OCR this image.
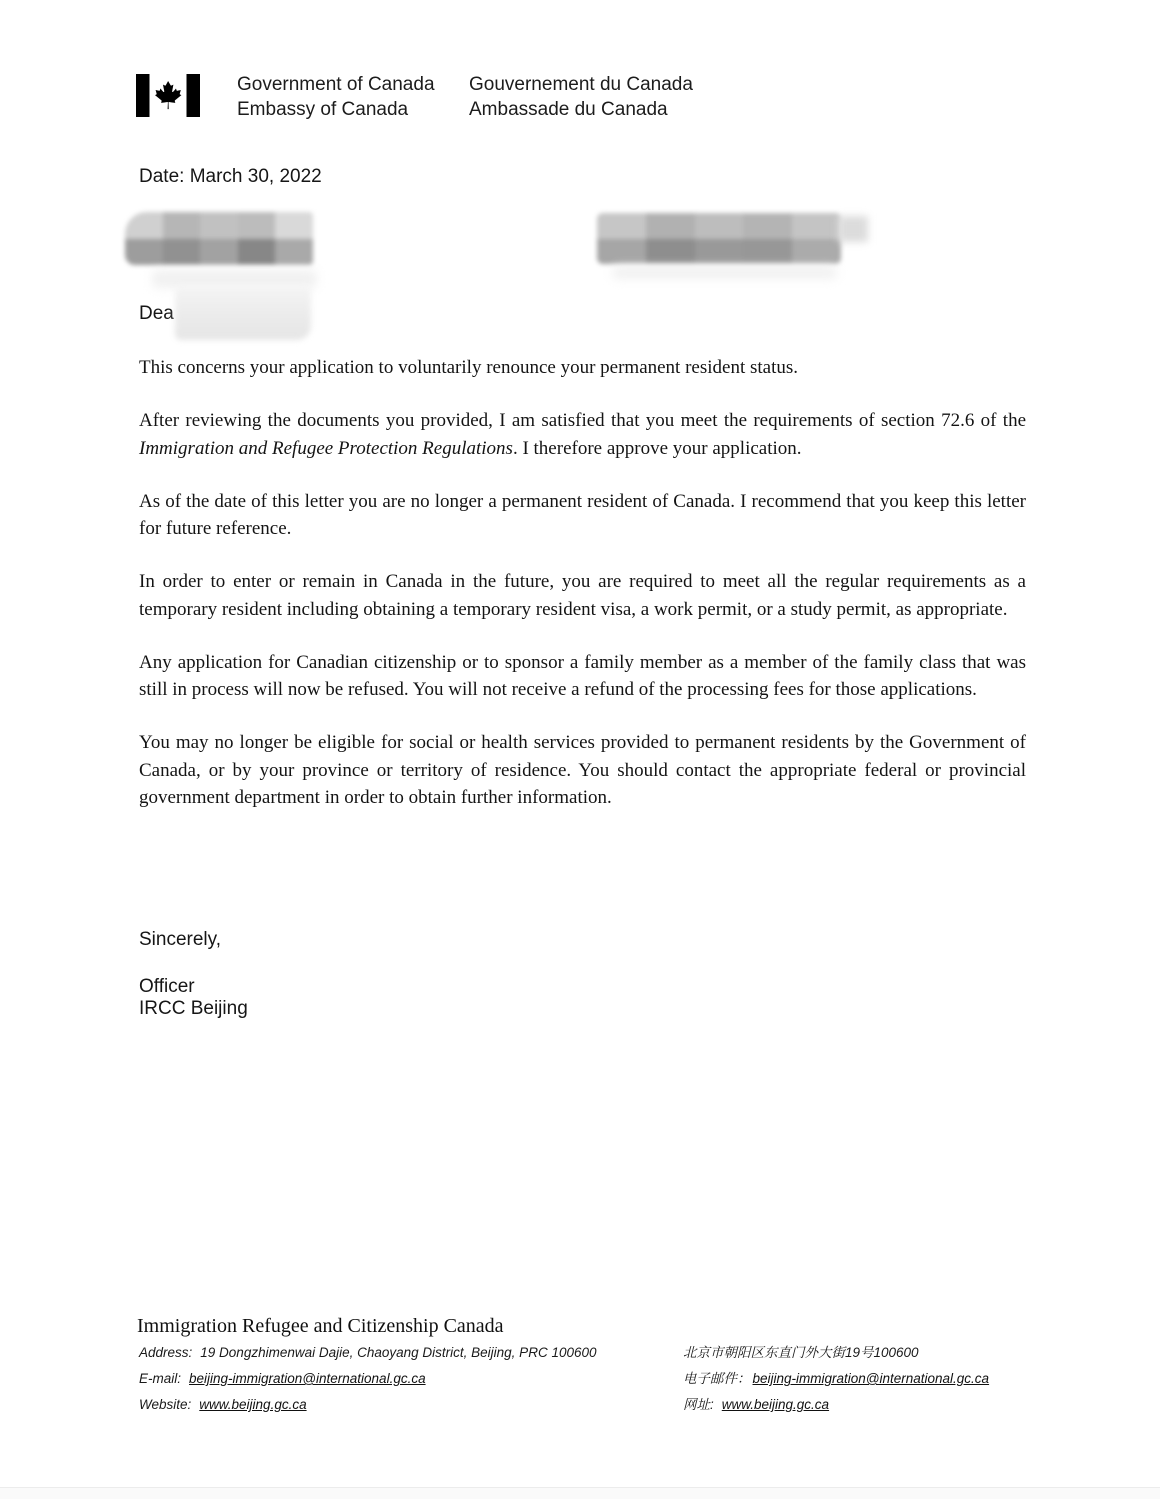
Government of Canada
Embassy of Canada
Gouvernement du Canada
Ambassade du Canada
Date: March 30, 2022
Dea

This concerns your application to voluntarily renounce your permanent resident status.

After reviewing the documents you provided, I am satisfied that you meet the requirements of section 72.6 of the Immigration and Refugee Protection Regulations. I therefore approve your application.

As of the date of this letter you are no longer a permanent resident of Canada. I recommend that you keep this letter for future reference.

In order to enter or remain in Canada in the future, you are required to meet all the regular requirements as a temporary resident including obtaining a temporary resident visa, a work permit, or a study permit, as appropriate.

Any application for Canadian citizenship or to sponsor a family member as a member of the family class that was still in process will now be refused. You will not receive a refund of the processing fees for those applications.

You may no longer be eligible for social or health services provided to permanent residents by the Government of Canada, or by your province or territory of residence. You should contact the appropriate federal or provincial government department in order to obtain further information.

Sincerely,
Officer
IRCC Beijing
Immigration Refugee and Citizenship Canada
Address: 19 Dongzhimenwai Dajie, Chaoyang District, Beijing, PRC 100600
E-mail: beijing-immigration@international.gc.ca
Website: www.beijing.gc.ca
北京市朝阳区东直门外大街19号100600
电子邮件： beijing-immigration@international.gc.ca
网址: www.beijing.gc.ca
